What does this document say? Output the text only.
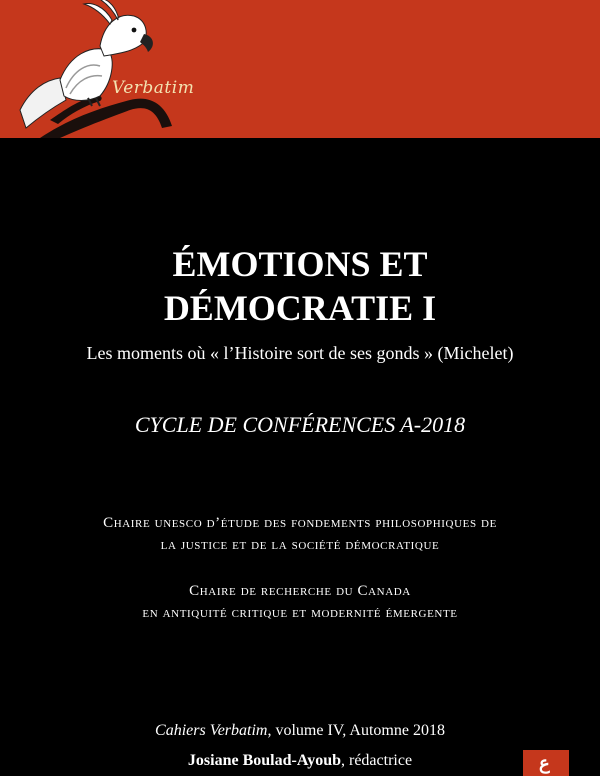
Verbatim
ÉMOTIONS ET
DÉMOCRATIE I
Les moments où « l’Histoire sort de ses gonds » (Michelet)
CYCLE DE CONFÉRENCES A-2018
Chaire unesco d’étude des fondements philosophiques de
la justice et de la société démocratique
Chaire de recherche du Canada
en antiquité critique et modernité émergente
Cahiers Verbatim, volume IV, Automne 2018
Josiane Boulad-Ayoub, rédactrice	ع
